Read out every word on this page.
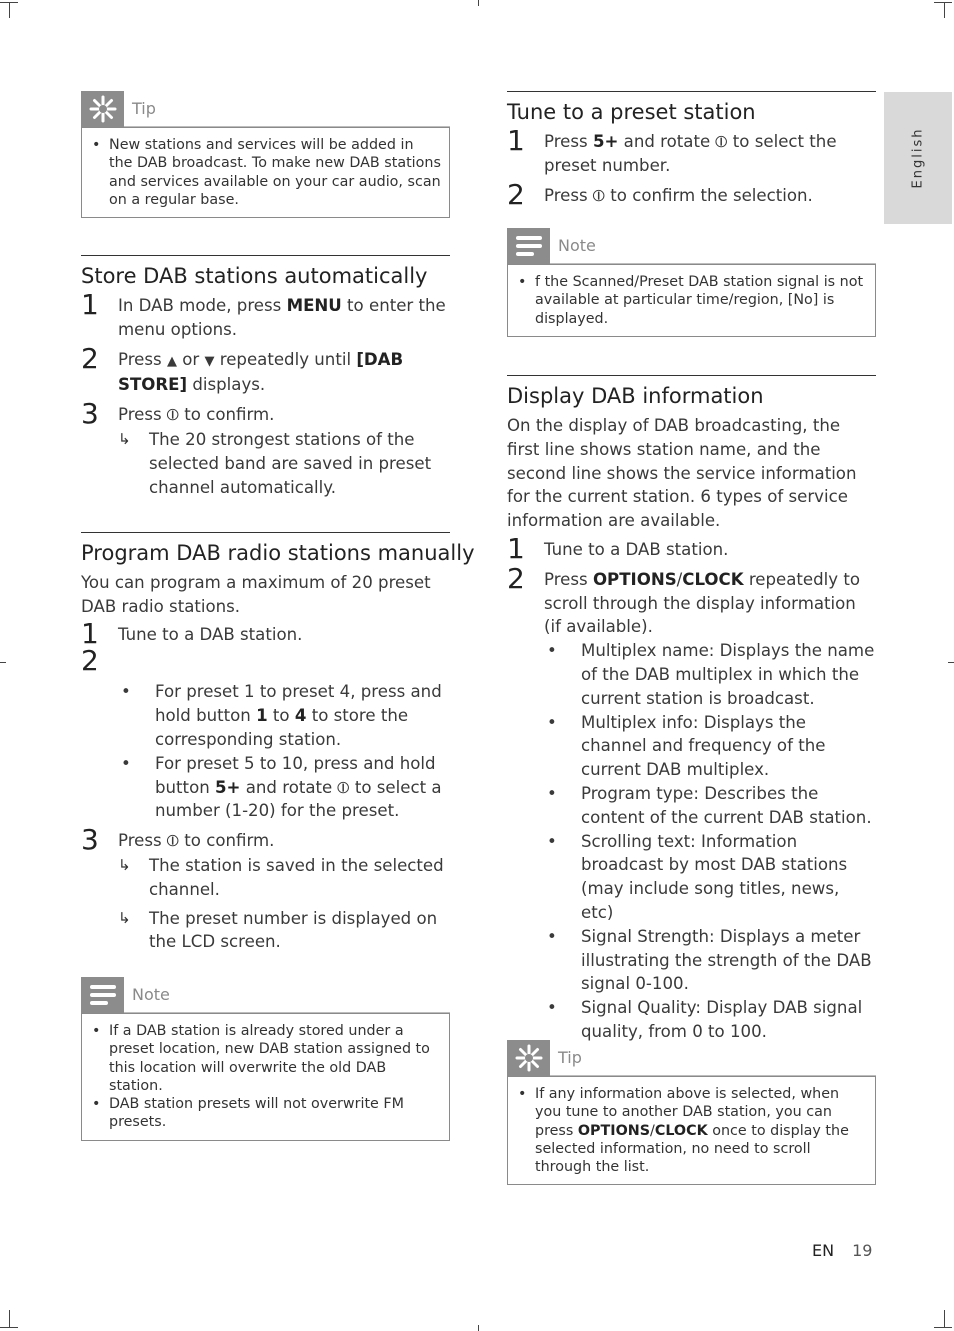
Tip
• New stations and services will be added in the DAB broadcast. To make new DAB stations and services available on your car audio, scan on a regular base.
Store DAB stations automatically
1 In DAB mode, press MENU to enter the menu options.
2 Press ▲ or ▼ repeatedly until [DAB STORE] displays.
3 Press ⦶ to confirm.
↳ The 20 strongest stations of the selected band are saved in preset channel automatically.
Program DAB radio stations manually
You can program a maximum of 20 preset DAB radio stations.
1 Tune to a DAB station.
2
• For preset 1 to preset 4, press and hold button 1 to 4 to store the corresponding station.
• For preset 5 to 10, press and hold button 5+ and rotate ⦶ to select a number (1-20) for the preset.
3 Press ⦶ to confirm.
↳ The station is saved in the selected channel.
↳ The preset number is displayed on the LCD screen.
Note
• If a DAB station is already stored under a preset location, new DAB station assigned to this location will overwrite the old DAB station.
• DAB station presets will not overwrite FM presets.
Tune to a preset station
1 Press 5+ and rotate ⦶ to select the preset number.
2 Press ⦶ to confirm the selection.
Note
• f the Scanned/Preset DAB station signal is not available at particular time/region, [No] is displayed.
Display DAB information
On the display of DAB broadcasting, the first line shows station name, and the second line shows the service information for the current station. 6 types of service information are available.
1 Tune to a DAB station.
2 Press OPTIONS/CLOCK repeatedly to scroll through the display information (if available).
• Multiplex name: Displays the name of the DAB multiplex in which the current station is broadcast.
• Multiplex info: Displays the channel and frequency of the current DAB multiplex.
• Program type: Describes the content of the current DAB station.
• Scrolling text: Information broadcast by most DAB stations (may include song titles, news, etc)
• Signal Strength: Displays a meter illustrating the strength of the DAB signal 0-100.
• Signal Quality: Display DAB signal quality, from 0 to 100.
Tip
• If any information above is selected, when you tune to another DAB station, you can press OPTIONS/CLOCK once to display the selected information, no need to scroll through the list.
English
EN 19
